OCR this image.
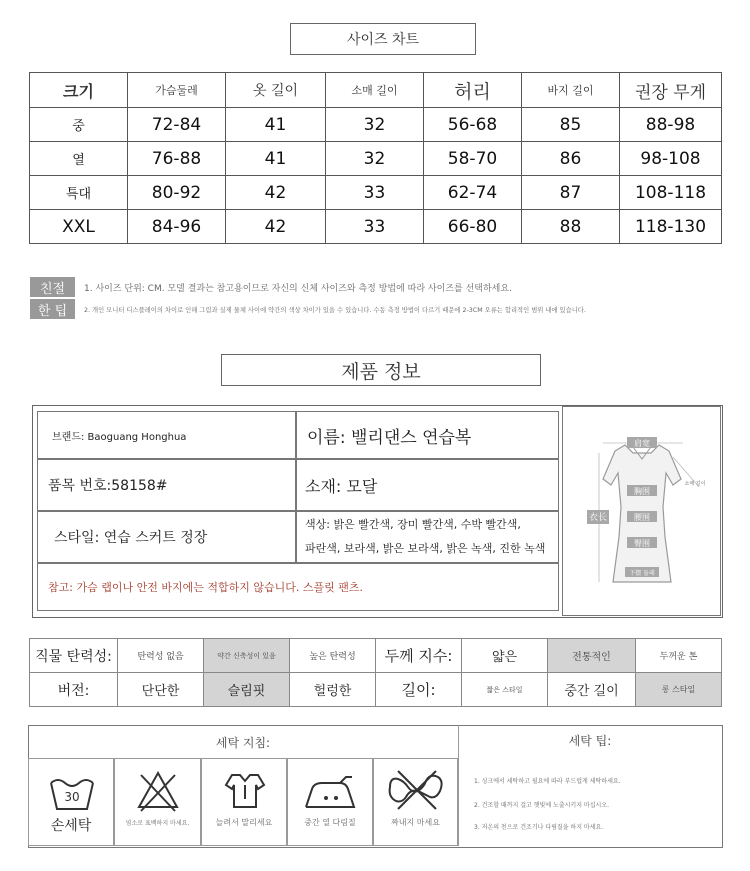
사이즈 차트
크기	가슴둘레	옷 길이	소매 길이	허리	바지 길이	권장 무게
중	72-84	41	32	56-68	85	88-98
열	76-88	41	32	58-70	86	98-108
특대	80-92	42	33	62-74	87	108-118
XXL	84-96	42	33	66-80	88	118-130
친절
한 팁
1. 사이즈 단위: CM. 모델 결과는 참고용이므로 자신의 신체 사이즈와 측정 방법에 따라 사이즈를 선택하세요.
2. 개인 모니터 디스플레이의 차이로 인해 그림과 실제 물체 사이에 약간의 색상 차이가 있을 수 있습니다. 수동 측정 방법이 다르기 때문에 2-3CM 오류는 합리적인 범위 내에 있습니다.
제품 정보
브랜드: Baoguang Honghua	이름: 밸리댄스 연습복
품목 번호:58158#	소재: 모달
스타일: 연습 스커트 정장
색상: 밝은 빨간색, 장미 빨간색, 수박 빨간색,
파란색, 보라색, 밝은 보라색, 밝은 녹색, 진한 녹색
참고: 가슴 랩이나 안전 바지에는 적합하지 않습니다. 스플릿 팬츠.
肩宽
소매 길이
胸围
腰围
衣长
臀围
下摆 둘레
직물 탄력성:	탄력성 없음	약간 신축성이 있음	높은 탄력성	두께 지수:	얇은	전통적인	두꺼운 톤
버전:	단단한	슬림핏	헐렁한	길이:	짧은 스타일	중간 길이	롱 스타일
세탁 지침:	세탁 팁:
30
손세탁	염소로 표백하지 마세요.	늘려서 말리세요	중간 열 다림질	짜내지 마세요
1. 싱크에서 세탁하고 필요에 따라 부드럽게 세탁하세요.
2. 건조할 때까지 걸고 햇빛에 노출시키지 마십시오.
3. 저온의 천으로 건조기나 다림질을 하지 마세요.
